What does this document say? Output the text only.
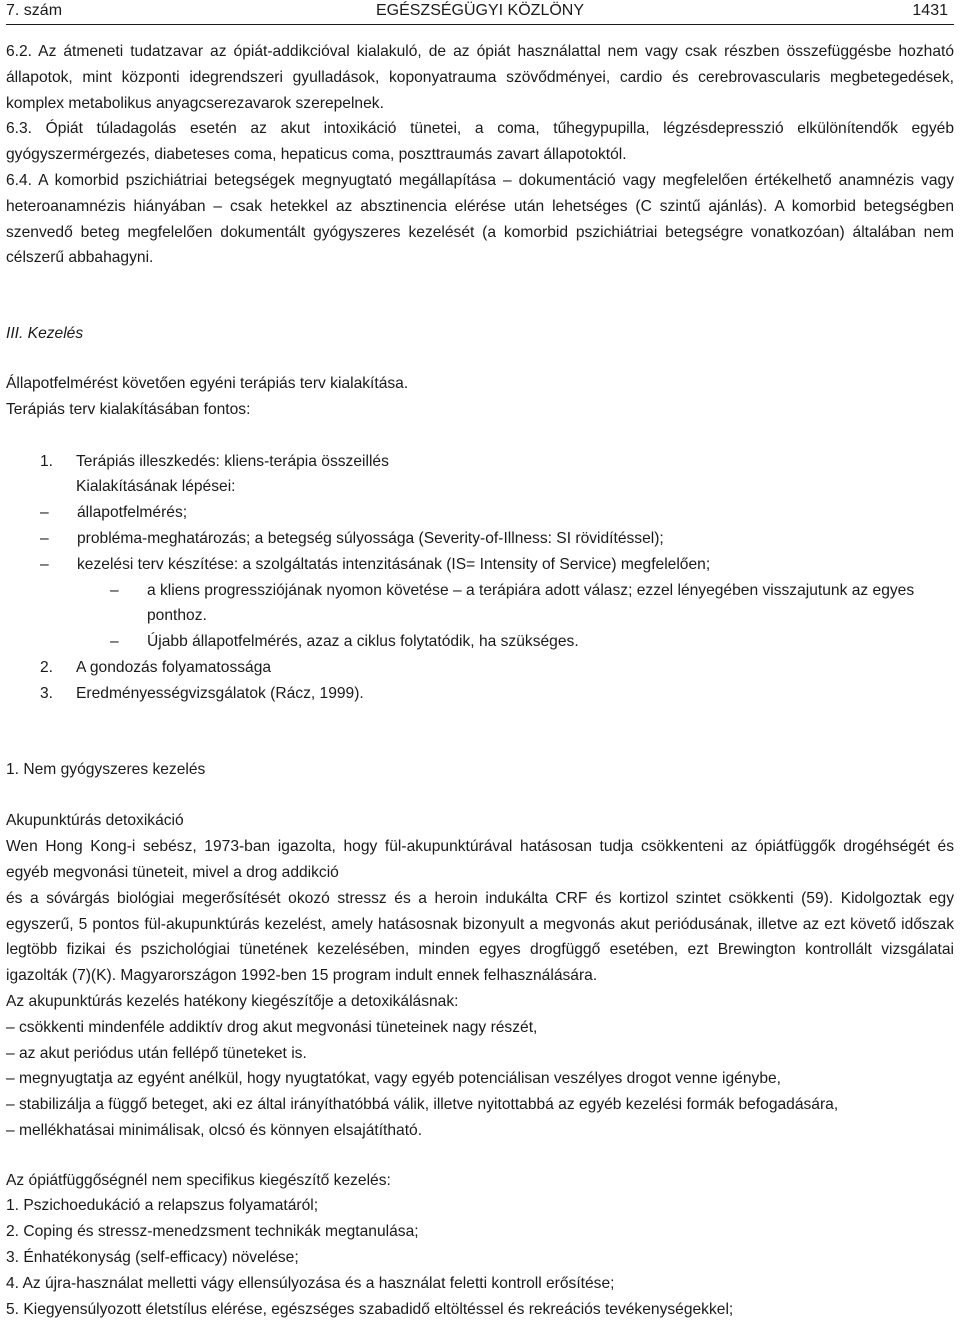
7. szám	EGÉSZSÉGÜGYI KÖZLÖNY	1431

6.2. Az átmeneti tudatzavar az ópiát-addikcióval kialakuló, de az ópiát használattal nem vagy csak részben összefüggésbe hozható állapotok, mint központi idegrendszeri gyulladások, koponyatrauma szövődményei, cardio és cerebrovascularis megbetegedések, komplex metabolikus anyagcserezavarok szerepelnek.

6.3. Ópiát túladagolás esetén az akut intoxikáció tünetei, a coma, tűhegypupilla, légzésdepresszió elkülönítendők egyéb gyógyszermérgezés, diabeteses coma, hepaticus coma, poszttraumás zavart állapotoktól.

6.4. A komorbid pszichiátriai betegségek megnyugtató megállapítása – dokumentáció vagy megfelelően értékelhető anamnézis vagy heteroanamnézis hiányában – csak hetekkel az absztinencia elérése után lehetséges (C szintű ajánlás). A komorbid betegségben szenvedő beteg megfelelően dokumentált gyógyszeres kezelését (a komorbid pszichiátriai betegségre vonatkozóan) általában nem célszerű abbahagyni.

III. Kezelés

Állapotfelmérést követően egyéni terápiás terv kialakítása.

Terápiás terv kialakításában fontos:

1. Terápiás illeszkedés: kliens-terápia összeillés
Kialakításának lépései:
– állapotfelmérés;
– probléma-meghatározás; a betegség súlyossága (Severity-of-Illness: SI rövidítéssel);
– kezelési terv készítése: a szolgáltatás intenzitásának (IS= Intensity of Service) megfelelően;
– a kliens progressziójának nyomon követése – a terápiára adott válasz; ezzel lényegében visszajutunk az egyes ponthoz.
– Újabb állapotfelmérés, azaz a ciklus folytatódik, ha szükséges.
2. A gondozás folyamatossága
3. Eredményességvizsgálatok (Rácz, 1999).

1. Nem gyógyszeres kezelés

Akupunktúrás detoxikáció

Wen Hong Kong-i sebész, 1973-ban igazolta, hogy fül-akupunktúrával hatásosan tudja csökkenteni az ópiátfüggők drogéhségét és egyéb megvonási tüneteit, mivel a drog addikció

és a sóvárgás biológiai megerősítését okozó stressz és a heroin indukálta CRF és kortizol szintet csökkenti (59). Kidolgoztak egy egyszerű, 5 pontos fül-akupunktúrás kezelést, amely hatásosnak bizonyult a megvonás akut periódusának, illetve az ezt követő időszak legtöbb fizikai és pszichológiai tünetének kezelésében, minden egyes drogfüggő esetében, ezt Brewington kontrollált vizsgálatai igazolták (7)(K). Magyarországon 1992-ben 15 program indult ennek felhasználására.

Az akupunktúrás kezelés hatékony kiegészítője a detoxikálásnak:

– csökkenti mindenféle addiktív drog akut megvonási tüneteinek nagy részét,
– az akut periódus után fellépő tüneteket is.
– megnyugtatja az egyént anélkül, hogy nyugtatókat, vagy egyéb potenciálisan veszélyes drogot venne igénybe,
– stabilizálja a függő beteget, aki ez által irányíthatóbbá válik, illetve nyitottabbá az egyéb kezelési formák befogadására,
– mellékhatásai minimálisak, olcsó és könnyen elsajátítható.

Az ópiátfüggőségnél nem specifikus kiegészítő kezelés:

1. Pszichoedukáció a relapszus folyamatáról;
2. Coping és stressz-menedzsment technikák megtanulása;
3. Énhatékonyság (self-efficacy) növelése;
4. Az újra-használat melletti vágy ellensúlyozása és a használat feletti kontroll erősítése;
5. Kiegyensúlyozott életstílus elérése, egészséges szabadidő eltöltéssel és rekreációs tevékenységekkel;
